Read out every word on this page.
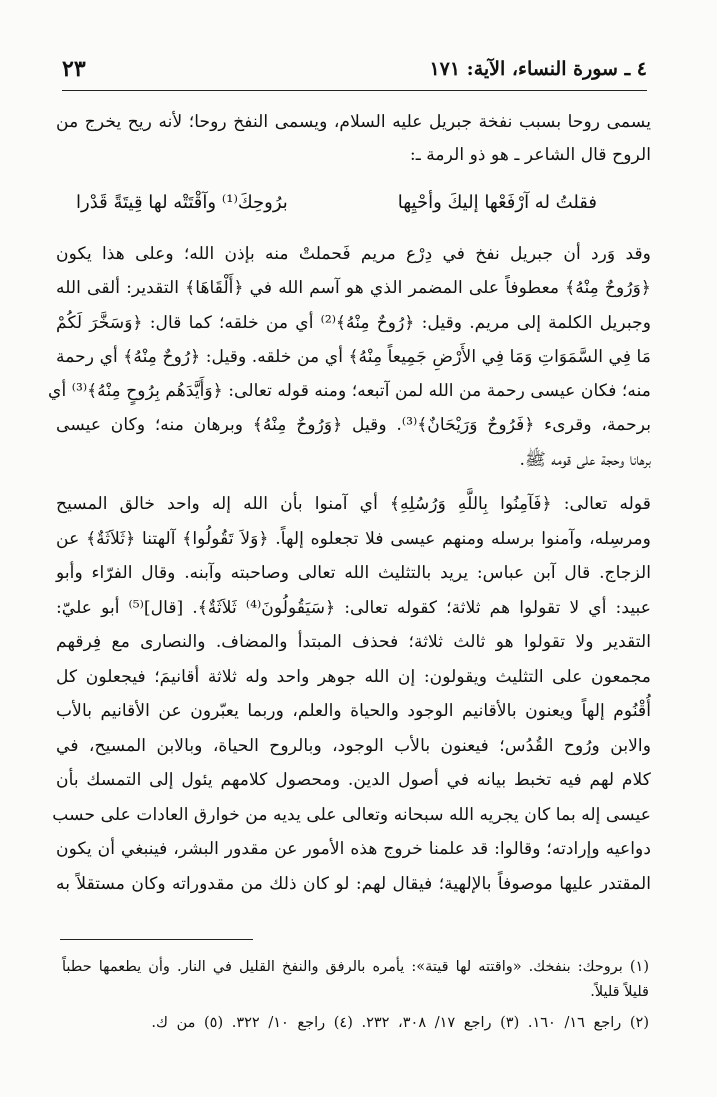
٤ ـ سورة النساء، الآية: ١٧١
٢٣
يسمى روحا بسبب نفخة جبريل عليه السلام، ويسمى النفخ روحا؛ لأنه ريح يخرج من
الروح قال الشاعر ـ هو ذو الرمة ـ:
فقلتُ له آرْفَعْها إليكَ وأحْيِها
برُوحِكَ⁽¹⁾ وآقْتَتْه لها قِيتَةً قَدْرا
وقد وَرد أن جبريل نفخ في دِرْع مريم فَحملتْ منه بإذن الله؛ وعلى هذا يكون
﴿وَرُوحٌ مِنْهُ﴾ معطوفاً على المضمر الذي هو آسم الله في ﴿أَلْقَاهَا﴾ التقدير: ألقى الله
وجبريل الكلمة إلى مريم. وقيل: ﴿رُوحٌ مِنْهُ﴾⁽²⁾ أي من خلقه؛ كما قال: ﴿وَسَخَّرَ لَكُمْ
مَا فِي السَّمَوَاتِ وَمَا فِي الأَرْضِ جَمِيعاً مِنْهُ﴾ أي من خلقه. وقيل: ﴿رُوحٌ مِنْهُ﴾ أي رحمة
منه؛ فكان عيسى رحمة من الله لمن آتبعه؛ ومنه قوله تعالى: ﴿وَأَيَّدَهُم بِرُوحٍ مِنْهُ﴾⁽³⁾ أي
برحمة، وقرىء ﴿فَرُوحٌ وَرَيْحَانٌ﴾⁽³⁾. وقيل ﴿وَرُوحٌ مِنْهُ﴾ وبرهان منه؛ وكان عيسى
برهانا وحجة على قومه ﷺ.
قوله تعالى: ﴿فَآمِنُوا بِاللَّهِ وَرُسُلِهِ﴾ أي آمنوا بأن الله إله واحد خالق المسيح
ومرسِله، وآمنوا برسله ومنهم عيسى فلا تجعلوه إلهاً. ﴿وَلاَ تَقُولُوا﴾ آلهتنا ﴿ثَلاَثَةٌ﴾ عن
الزجاج. قال آبن عباس: يريد بالتثليث الله تعالى وصاحبته وآبنه. وقال الفرّاء وأبو
عبيد: أي لا تقولوا هم ثلاثة؛ كقوله تعالى: ﴿سَيَقُولُونَ⁽⁴⁾ ثَلاَثَةٌ﴾. [قال]⁽⁵⁾ أبو عليّ:
التقدير ولا تقولوا هو ثالث ثلاثة؛ فحذف المبتدأ والمضاف. والنصارى مع فِرقهم
مجمعون على التثليث ويقولون: إن الله جوهر واحد وله ثلاثة أقانيمَ؛ فيجعلون كل
أُقْنُوم إلهاً ويعنون بالأقانيم الوجود والحياة والعلم، وربما يعبّرون عن الأقانيم بالأب
والابن ورُوح القُدُس؛ فيعنون بالأب الوجود، وبالروح الحياة، وبالابن المسيح، في
كلام لهم فيه تخبط بيانه في أصول الدين. ومحصول كلامهم يئول إلى التمسك بأن
عيسى إله بما كان يجريه الله سبحانه وتعالى على يديه من خوارق العادات على حسب
دواعيه وإرادته؛ وقالوا: قد علمنا خروج هذه الأمور عن مقدور البشر، فينبغي أن يكون
المقتدر عليها موصوفاً بالإلهية؛ فيقال لهم: لو كان ذلك من مقدوراته وكان مستقلاً به
(١) بروحك: بنفخك. «واقتته لها قيتة»: يأمره بالرفق والنفخ القليل في النار. وأن يطعمها حطباً
قليلاً قليلاً.
(٢) راجع ١٦/ ١٦٠. (٣) راجع ١٧/ ٣٠٨، ٢٣٢. (٤) راجع ١٠/ ٣٢٢. (٥) من ك.
